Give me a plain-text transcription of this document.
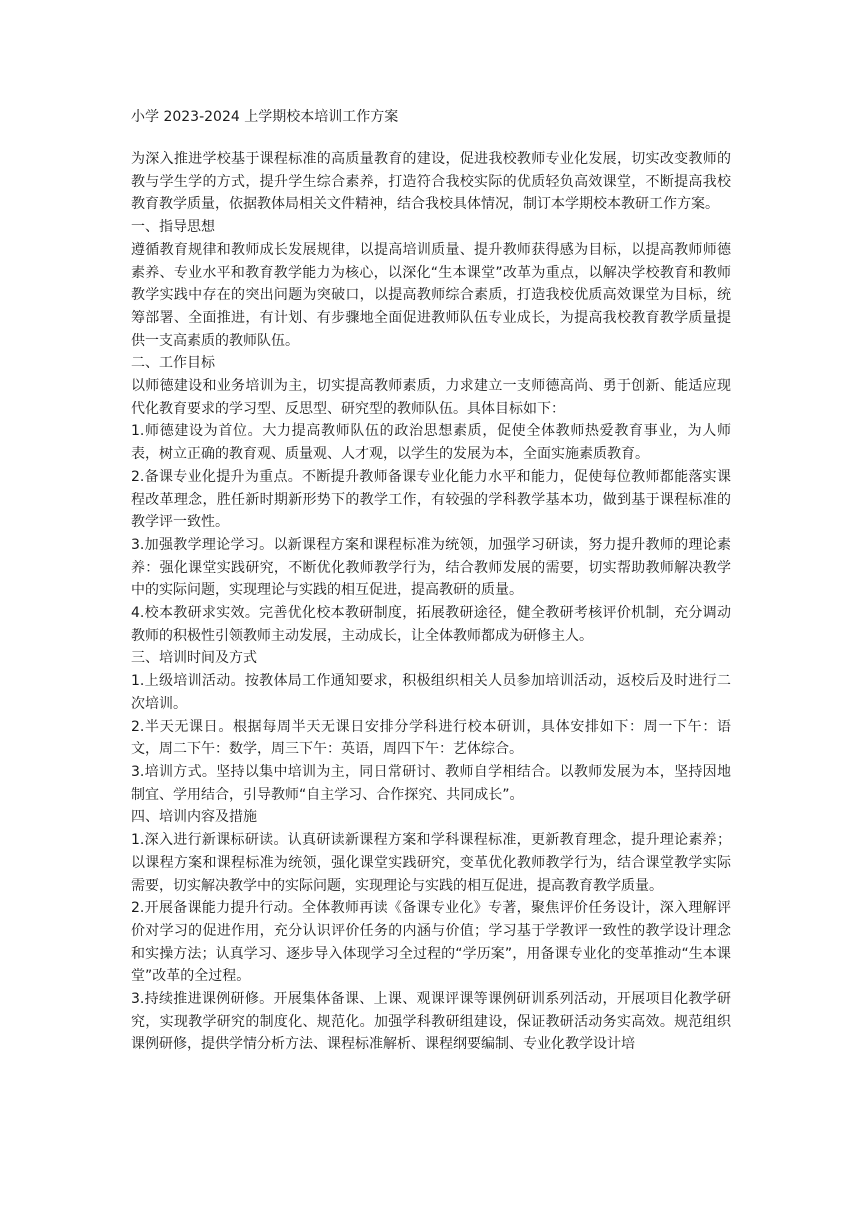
小学 2023-2024 上学期校本培训工作方案

为深入推进学校基于课程标准的高质量教育的建设，促进我校教师专业化发展，切实改变教师的教与学生学的方式，提升学生综合素养，打造符合我校实际的优质轻负高效课堂，不断提高我校教育教学质量，依据教体局相关文件精神，结合我校具体情况，制订本学期校本教研工作方案。

一、指导思想

遵循教育规律和教师成长发展规律，以提高培训质量、提升教师获得感为目标，以提高教师师德素养、专业水平和教育教学能力为核心，以深化“生本课堂”改革为重点，以解决学校教育和教师教学实践中存在的突出问题为突破口，以提高教师综合素质，打造我校优质高效课堂为目标，统筹部署、全面推进，有计划、有步骤地全面促进教师队伍专业成长，为提高我校教育教学质量提供一支高素质的教师队伍。

二、工作目标

以师德建设和业务培训为主，切实提高教师素质，力求建立一支师德高尚、勇于创新、能适应现代化教育要求的学习型、反思型、研究型的教师队伍。具体目标如下：

1.师德建设为首位。大力提高教师队伍的政治思想素质，促使全体教师热爱教育事业，为人师表，树立正确的教育观、质量观、人才观，以学生的发展为本，全面实施素质教育。

2.备课专业化提升为重点。不断提升教师备课专业化能力水平和能力，促使每位教师都能落实课程改革理念，胜任新时期新形势下的教学工作，有较强的学科教学基本功，做到基于课程标准的教学评一致性。

3.加强教学理论学习。以新课程方案和课程标准为统领，加强学习研读，努力提升教师的理论素养：强化课堂实践研究，不断优化教师教学行为，结合教师发展的需要，切实帮助教师解决教学中的实际问题，实现理论与实践的相互促进，提高教研的质量。

4.校本教研求实效。完善优化校本教研制度，拓展教研途径，健全教研考核评价机制，充分调动教师的积极性引领教师主动发展，主动成长，让全体教师都成为研修主人。

三、培训时间及方式

1.上级培训活动。按教体局工作通知要求，积极组织相关人员参加培训活动，返校后及时进行二次培训。

2.半天无课日。根据每周半天无课日安排分学科进行校本研训，具体安排如下：周一下午：语文，周二下午：数学，周三下午：英语，周四下午：艺体综合。

3.培训方式。坚持以集中培训为主，同日常研讨、教师自学相结合。以教师发展为本，坚持因地制宜、学用结合，引导教师“自主学习、合作探究、共同成长”。

四、培训内容及措施

1.深入进行新课标研读。认真研读新课程方案和学科课程标准，更新教育理念，提升理论素养；以课程方案和课程标准为统领，强化课堂实践研究，变革优化教师教学行为，结合课堂教学实际需要，切实解决教学中的实际问题，实现理论与实践的相互促进，提高教育教学质量。

2.开展备课能力提升行动。全体教师再读《备课专业化》专著，聚焦评价任务设计，深入理解评价对学习的促进作用，充分认识评价任务的内涵与价值；学习基于学教评一致性的教学设计理念和实操方法；认真学习、逐步导入体现学习全过程的“学历案”，用备课专业化的变革推动“生本课堂”改革的全过程。

3.持续推进课例研修。开展集体备课、上课、观课评课等课例研训系列活动，开展项目化教学研究，实现教学研究的制度化、规范化。加强学科教研组建设，保证教研活动务实高效。规范组织课例研修，提供学情分析方法、课程标准解析、课程纲要编制、专业化教学设计培
